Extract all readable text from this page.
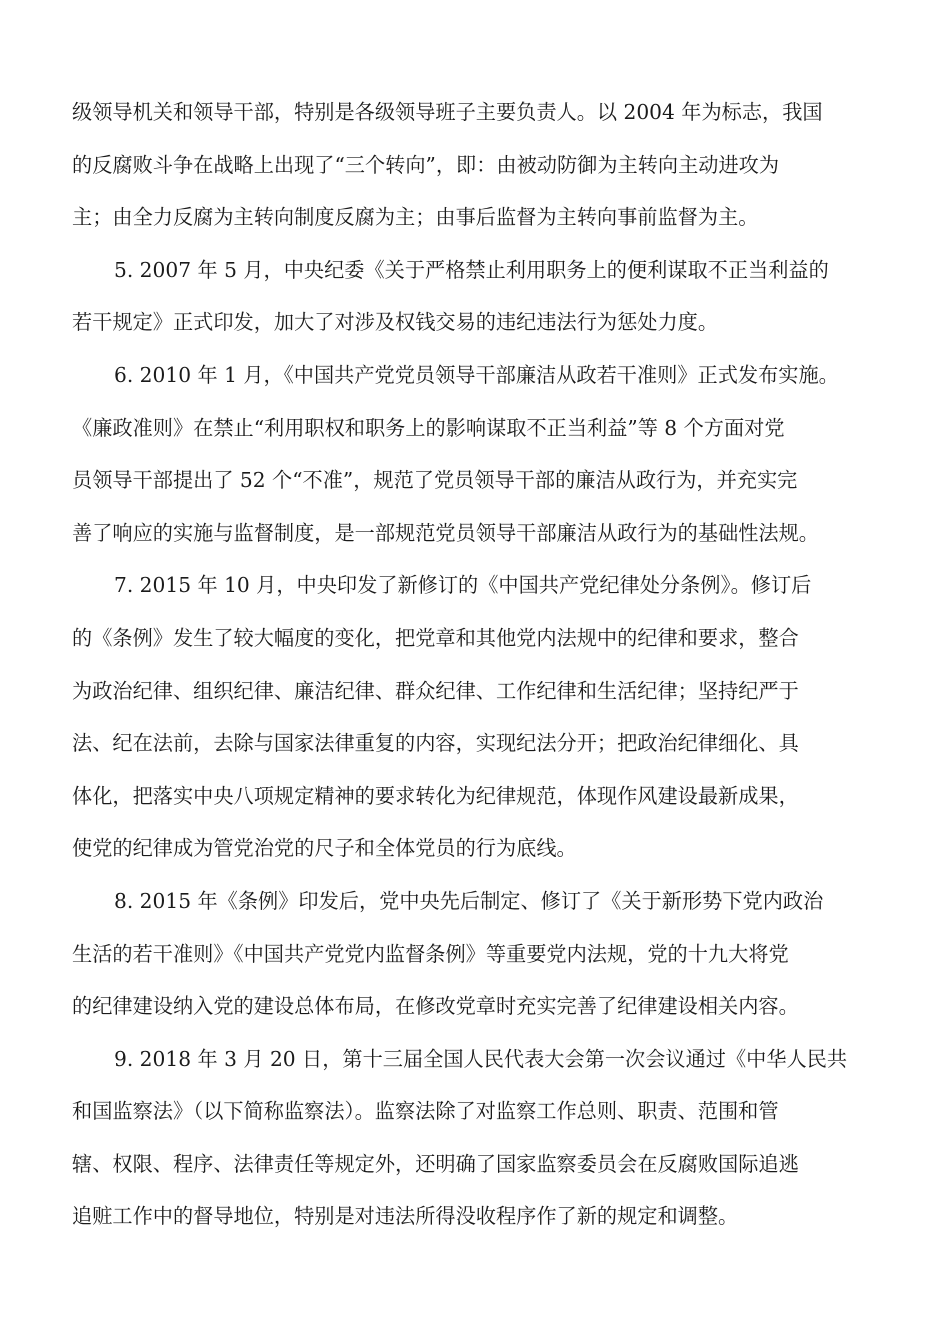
级领导机关和领导干部，特别是各级领导班子主要负责人。以 2004 年为标志，我国
的反腐败斗争在战略上出现了“三个转向”，即：由被动防御为主转向主动进攻为
主；由全力反腐为主转向制度反腐为主；由事后监督为主转向事前监督为主。
5. 2007 年 5 月，中央纪委《关于严格禁止利用职务上的便利谋取不正当利益的
若干规定》正式印发，加大了对涉及权钱交易的违纪违法行为惩处力度。
6. 2010 年 1 月，《中国共产党党员领导干部廉洁从政若干准则》正式发布实施。
《廉政准则》在禁止“利用职权和职务上的影响谋取不正当利益”等 8 个方面对党
员领导干部提出了 52 个“不准”，规范了党员领导干部的廉洁从政行为，并充实完
善了响应的实施与监督制度，是一部规范党员领导干部廉洁从政行为的基础性法规。
7. 2015 年 10 月，中央印发了新修订的《中国共产党纪律处分条例》。修订后
的《条例》发生了较大幅度的变化，把党章和其他党内法规中的纪律和要求，整合
为政治纪律、组织纪律、廉洁纪律、群众纪律、工作纪律和生活纪律；坚持纪严于
法、纪在法前，去除与国家法律重复的内容，实现纪法分开；把政治纪律细化、具
体化，把落实中央八项规定精神的要求转化为纪律规范，体现作风建设最新成果，
使党的纪律成为管党治党的尺子和全体党员的行为底线。
8. 2015 年《条例》印发后，党中央先后制定、修订了《关于新形势下党内政治
生活的若干准则》《中国共产党党内监督条例》等重要党内法规，党的十九大将党
的纪律建设纳入党的建设总体布局，在修改党章时充实完善了纪律建设相关内容。
9. 2018 年 3 月 20 日，第十三届全国人民代表大会第一次会议通过《中华人民共
和国监察法》（以下简称监察法）。监察法除了对监察工作总则、职责、范围和管
辖、权限、程序、法律责任等规定外，还明确了国家监察委员会在反腐败国际追逃
追赃工作中的督导地位，特别是对违法所得没收程序作了新的规定和调整。
